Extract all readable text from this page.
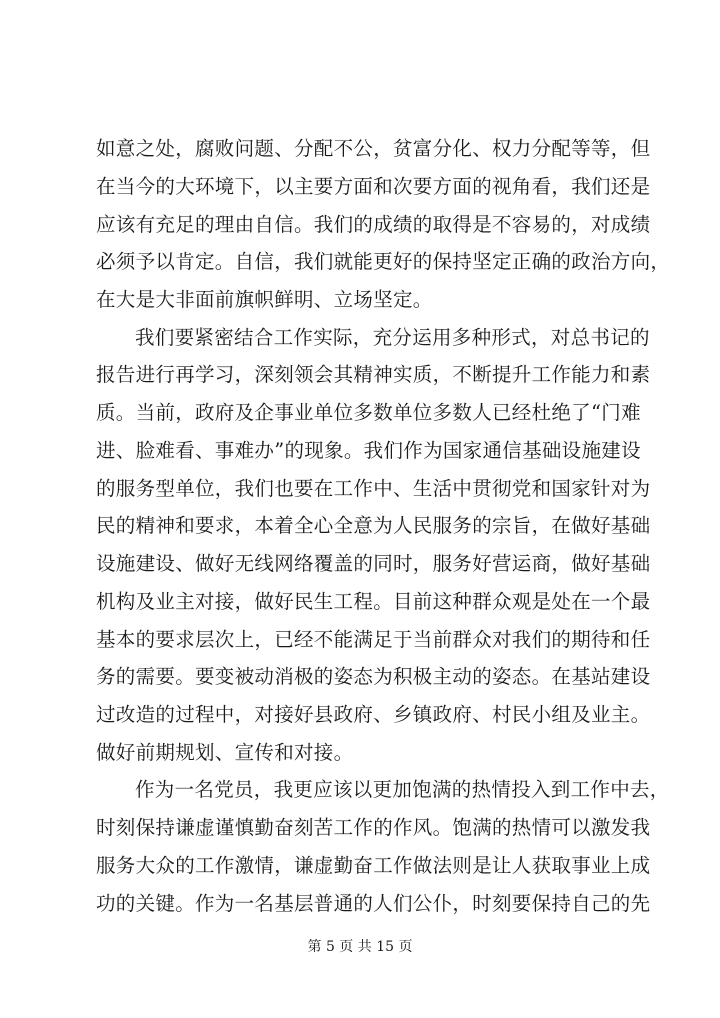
如意之处，腐败问题、分配不公，贫富分化、权力分配等等，但
在当今的大环境下，以主要方面和次要方面的视角看，我们还是
应该有充足的理由自信。我们的成绩的取得是不容易的，对成绩
必须予以肯定。自信，我们就能更好的保持坚定正确的政治方向，
在大是大非面前旗帜鲜明、立场坚定。
我们要紧密结合工作实际，充分运用多种形式，对总书记的
报告进行再学习，深刻领会其精神实质，不断提升工作能力和素
质。当前，政府及企事业单位多数单位多数人已经杜绝了“门难
进、脸难看、事难办”的现象。我们作为国家通信基础设施建设
的服务型单位，我们也要在工作中、生活中贯彻党和国家针对为
民的精神和要求，本着全心全意为人民服务的宗旨，在做好基础
设施建设、做好无线网络覆盖的同时，服务好营运商，做好基础
机构及业主对接，做好民生工程。目前这种群众观是处在一个最
基本的要求层次上，已经不能满足于当前群众对我们的期待和任
务的需要。要变被动消极的姿态为积极主动的姿态。在基站建设
过改造的过程中，对接好县政府、乡镇政府、村民小组及业主。
做好前期规划、宣传和对接。
作为一名党员，我更应该以更加饱满的热情投入到工作中去，
时刻保持谦虚谨慎勤奋刻苦工作的作风。饱满的热情可以激发我
服务大众的工作激情，谦虚勤奋工作做法则是让人获取事业上成
功的关键。作为一名基层普通的人们公仆，时刻要保持自己的先
第 5 页 共 15 页
